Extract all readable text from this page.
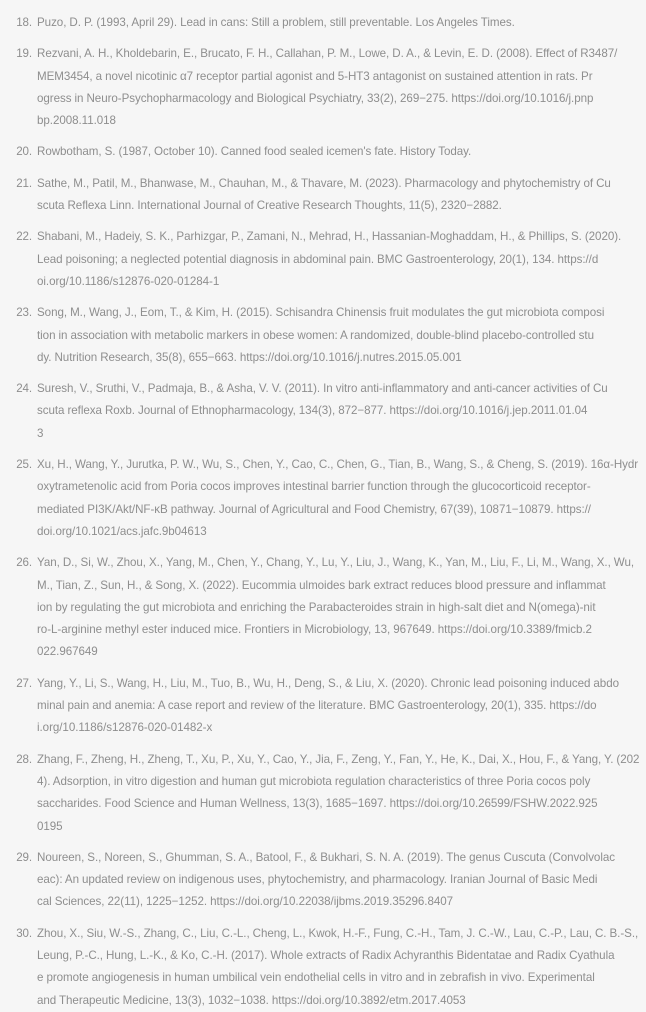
18. Puzo, D. P. (1993, April 29). Lead in cans: Still a problem, still preventable. Los Angeles Times.
19. Rezvani, A. H., Kholdebarin, E., Brucato, F. H., Callahan, P. M., Lowe, D. A., & Levin, E. D. (2008). Effect of R3487/
MEM3454, a novel nicotinic α7 receptor partial agonist and 5-HT3 antagonist on sustained attention in rats. Pr
ogress in Neuro-Psychopharmacology and Biological Psychiatry, 33(2), 269−275. https://doi.org/10.1016/j.pnp
bp.2008.11.018
20. Rowbotham, S. (1987, October 10). Canned food sealed icemen's fate. History Today.
21. Sathe, M., Patil, M., Bhanwase, M., Chauhan, M., & Thavare, M. (2023). Pharmacology and phytochemistry of Cu
scuta Reflexa Linn. International Journal of Creative Research Thoughts, 11(5), 2320−2882.
22. Shabani, M., Hadeiy, S. K., Parhizgar, P., Zamani, N., Mehrad, H., Hassanian-Moghaddam, H., & Phillips, S. (2020).
Lead poisoning; a neglected potential diagnosis in abdominal pain. BMC Gastroenterology, 20(1), 134. https://d
oi.org/10.1186/s12876-020-01284-1
23. Song, M., Wang, J., Eom, T., & Kim, H. (2015). Schisandra Chinensis fruit modulates the gut microbiota composi
tion in association with metabolic markers in obese women: A randomized, double-blind placebo-controlled stu
dy. Nutrition Research, 35(8), 655−663. https://doi.org/10.1016/j.nutres.2015.05.001
24. Suresh, V., Sruthi, V., Padmaja, B., & Asha, V. V. (2011). In vitro anti-inflammatory and anti-cancer activities of Cu
scuta reflexa Roxb. Journal of Ethnopharmacology, 134(3), 872−877. https://doi.org/10.1016/j.jep.2011.01.04
3
25. Xu, H., Wang, Y., Jurutka, P. W., Wu, S., Chen, Y., Cao, C., Chen, G., Tian, B., Wang, S., & Cheng, S. (2019). 16α-Hydr
oxytrametenolic acid from Poria cocos improves intestinal barrier function through the glucocorticoid receptor-
mediated PI3K/Akt/NF-κB pathway. Journal of Agricultural and Food Chemistry, 67(39), 10871−10879. https://
doi.org/10.1021/acs.jafc.9b04613
26. Yan, D., Si, W., Zhou, X., Yang, M., Chen, Y., Chang, Y., Lu, Y., Liu, J., Wang, K., Yan, M., Liu, F., Li, M., Wang, X., Wu,
M., Tian, Z., Sun, H., & Song, X. (2022). Eucommia ulmoides bark extract reduces blood pressure and inflammat
ion by regulating the gut microbiota and enriching the Parabacteroides strain in high-salt diet and N(omega)-nit
ro-L-arginine methyl ester induced mice. Frontiers in Microbiology, 13, 967649. https://doi.org/10.3389/fmicb.2
022.967649
27. Yang, Y., Li, S., Wang, H., Liu, M., Tuo, B., Wu, H., Deng, S., & Liu, X. (2020). Chronic lead poisoning induced abdo
minal pain and anemia: A case report and review of the literature. BMC Gastroenterology, 20(1), 335. https://do
i.org/10.1186/s12876-020-01482-x
28. Zhang, F., Zheng, H., Zheng, T., Xu, P., Xu, Y., Cao, Y., Jia, F., Zeng, Y., Fan, Y., He, K., Dai, X., Hou, F., & Yang, Y. (202
4). Adsorption, in vitro digestion and human gut microbiota regulation characteristics of three Poria cocos poly
saccharides. Food Science and Human Wellness, 13(3), 1685−1697. https://doi.org/10.26599/FSHW.2022.925
0195
29. Noureen, S., Noreen, S., Ghumman, S. A., Batool, F., & Bukhari, S. N. A. (2019). The genus Cuscuta (Convolvolac
eac): An updated review on indigenous uses, phytochemistry, and pharmacology. Iranian Journal of Basic Medi
cal Sciences, 22(11), 1225−1252. https://doi.org/10.22038/ijbms.2019.35296.8407
30. Zhou, X., Siu, W.-S., Zhang, C., Liu, C.-L., Cheng, L., Kwok, H.-F., Fung, C.-H., Tam, J. C.-W., Lau, C.-P., Lau, C. B.-S.,
Leung, P.-C., Hung, L.-K., & Ko, C.-H. (2017). Whole extracts of Radix Achyranthis Bidentatae and Radix Cyathula
e promote angiogenesis in human umbilical vein endothelial cells in vitro and in zebrafish in vivo. Experimental
and Therapeutic Medicine, 13(3), 1032−1038. https://doi.org/10.3892/etm.2017.4053
